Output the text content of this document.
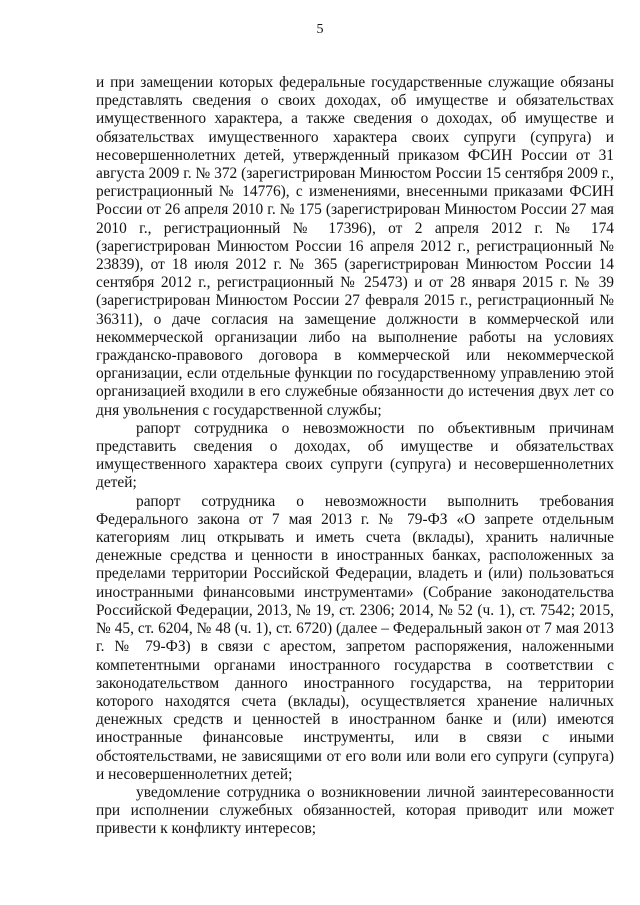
5

и при замещении которых федеральные государственные служащие обязаны представлять сведения о своих доходах, об имуществе и обязательствах имущественного характера, а также сведения о доходах, об имуществе и обязательствах имущественного характера своих супруги (супруга) и несовершеннолетних детей, утвержденный приказом ФСИН России от 31 августа 2009 г. № 372 (зарегистрирован Минюстом России 15 сентября 2009 г., регистрационный № 14776), с изменениями, внесенными приказами ФСИН России от 26 апреля 2010 г. № 175 (зарегистрирован Минюстом России 27 мая 2010 г., регистрационный № 17396), от 2 апреля 2012 г. № 174 (зарегистрирован Минюстом России 16 апреля 2012 г., регистрационный № 23839), от 18 июля 2012 г. № 365 (зарегистрирован Минюстом России 14 сентября 2012 г., регистрационный № 25473) и от 28 января 2015 г. № 39 (зарегистрирован Минюстом России 27 февраля 2015 г., регистрационный № 36311), о даче согласия на замещение должности в коммерческой или некоммерческой организации либо на выполнение работы на условиях гражданско-правового договора в коммерческой или некоммерческой организации, если отдельные функции по государственному управлению этой организацией входили в его служебные обязанности до истечения двух лет со дня увольнения с государственной службы;

рапорт сотрудника о невозможности по объективным причинам представить сведения о доходах, об имуществе и обязательствах имущественного характера своих супруги (супруга) и несовершеннолетних детей;

рапорт сотрудника о невозможности выполнить требования Федерального закона от 7 мая 2013 г. № 79-ФЗ «О запрете отдельным категориям лиц открывать и иметь счета (вклады), хранить наличные денежные средства и ценности в иностранных банках, расположенных за пределами территории Российской Федерации, владеть и (или) пользоваться иностранными финансовыми инструментами» (Собрание законодательства Российской Федерации, 2013, № 19, ст. 2306; 2014, № 52 (ч. 1), ст. 7542; 2015, № 45, ст. 6204, № 48 (ч. 1), ст. 6720) (далее – Федеральный закон от 7 мая 2013 г. № 79-ФЗ) в связи с арестом, запретом распоряжения, наложенными компетентными органами иностранного государства в соответствии с законодательством данного иностранного государства, на территории которого находятся счета (вклады), осуществляется хранение наличных денежных средств и ценностей в иностранном банке и (или) имеются иностранные финансовые инструменты, или в связи с иными обстоятельствами, не зависящими от его воли или воли его супруги (супруга) и несовершеннолетних детей;

уведомление сотрудника о возникновении личной заинтересованности при исполнении служебных обязанностей, которая приводит или может привести к конфликту интересов;
